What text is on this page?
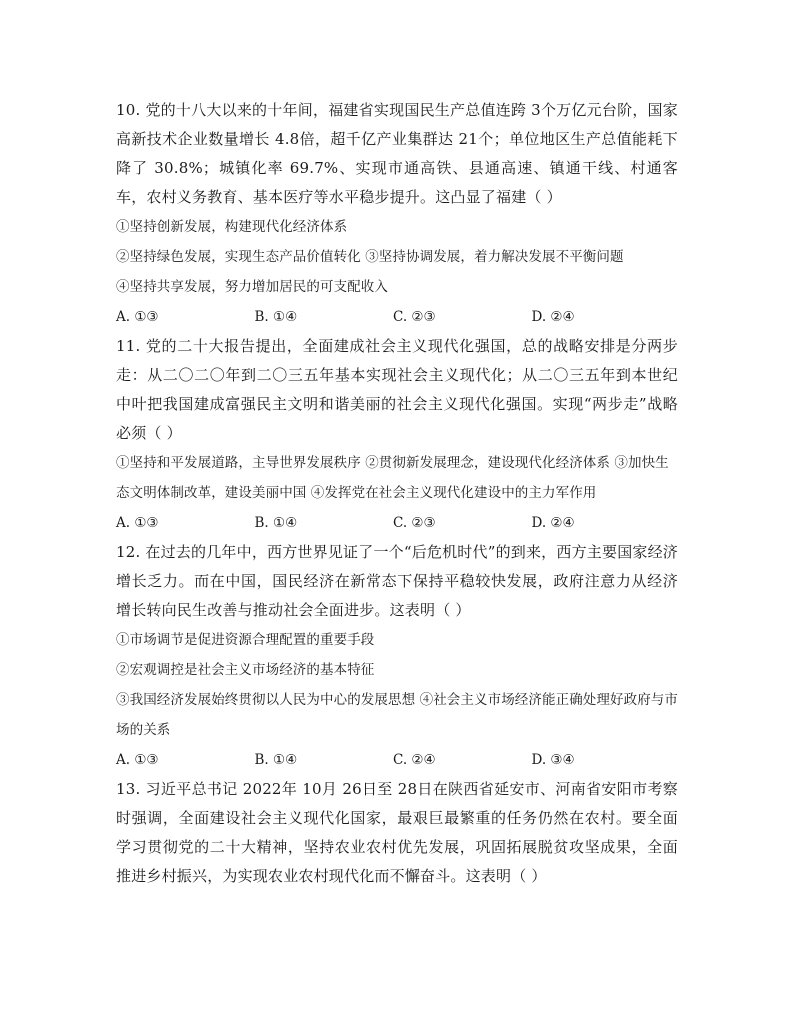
10. 党的十八大以来的十年间，福建省实现国民生产总值连跨 3个万亿元台阶，国家高新技术企业数量增长 4.8倍，超千亿产业集群达 21个；单位地区生产总值能耗下降了 30.8%；城镇化率 69.7%、实现市通高铁、县通高速、镇通干线、村通客车，农村义务教育、基本医疗等水平稳步提升。这凸显了福建（ ）

①坚持创新发展，构建现代化经济体系

②坚持绿色发展，实现生态产品价值转化 ③坚持协调发展，着力解决发展不平衡问题

④坚持共享发展，努力增加居民的可支配收入

A. ①③	B. ①④	C. ②③	D. ②④

11. 党的二十大报告提出，全面建成社会主义现代化强国，总的战略安排是分两步走：从二〇二〇年到二〇三五年基本实现社会主义现代化；从二〇三五年到本世纪中叶把我国建成富强民主文明和谐美丽的社会主义现代化强国。实现“两步走”战略必须（ ）

①坚持和平发展道路，主导世界发展秩序 ②贯彻新发展理念，建设现代化经济体系 ③加快生态文明体制改革，建设美丽中国 ④发挥党在社会主义现代化建设中的主力军作用

A. ①③	B. ①④	C. ②③	D. ②④

12. 在过去的几年中，西方世界见证了一个“后危机时代”的到来，西方主要国家经济增长乏力。而在中国，国民经济在新常态下保持平稳较快发展，政府注意力从经济增长转向民生改善与推动社会全面进步。这表明（ ）

①市场调节是促进资源合理配置的重要手段

②宏观调控是社会主义市场经济的基本特征

③我国经济发展始终贯彻以人民为中心的发展思想 ④社会主义市场经济能正确处理好政府与市场的关系

A. ①③	B. ①④	C. ②④	D. ③④

13. 习近平总书记 2022年 10月 26日至 28日在陕西省延安市、河南省安阳市考察时强调，全面建设社会主义现代化国家，最艰巨最繁重的任务仍然在农村。要全面学习贯彻党的二十大精神，坚持农业农村优先发展，巩固拓展脱贫攻坚成果，全面推进乡村振兴，为实现农业农村现代化而不懈奋斗。这表明（ ）
